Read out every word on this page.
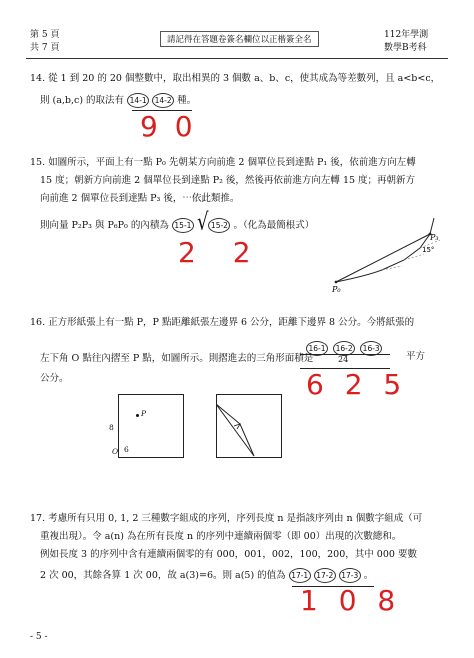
第 5 頁
共 7 頁
請記得在答題卷簽名欄位以正楷簽全名	112年學測
數學B考科
14. 從 1 到 20 的 20 個整數中，取出相異的 3 個數 a、b、c，使其成為等差數列，且 a<b<c，
則 (a,b,c) 的取法有 14-1 14-2 種。
9 0
15. 如圖所示，平面上有一點 P₀ 先朝某方向前進 2 個單位長到達點 P₁ 後，依前進方向左轉
15 度；朝新方向前進 2 個單位長到達點 P₂ 後，然後再依前進方向左轉 15 度；再朝新方
向前進 2 個單位長到達點 P₃ 後，⋯依此類推。
則向量 P₂P₃ 與 P₆P₀ 的內積為 15-1 √ 15-2 。（化為最簡根式）
2 2
P₀
P₃
15°
16. 正方形紙張上有一點 P，P 點距離紙張左邊界 6 公分，距離下邊界 8 公分。今將紙張的
16-1 16-2 16-3
左下角 O 點往內摺至 P 點，如圖所示。則摺進去的三角形面積是	24	平方
公分。	6 2 5
P
8
O 6
17. 考慮所有只用 0, 1, 2 三種數字組成的序列，序列長度 n 是指該序列由 n 個數字組成（可
重複出現）。令 a(n) 為在所有長度 n 的序列中連續兩個零（即 00）出現的次數總和。
例如長度 3 的序列中含有連續兩個零的有 000，001，002，100，200，其中 000 要數
2 次 00，其餘各算 1 次 00，故 a(3)=6。則 a(5) 的值為 17-1 17-2 17-3 。
1 0 8
- 5 -
